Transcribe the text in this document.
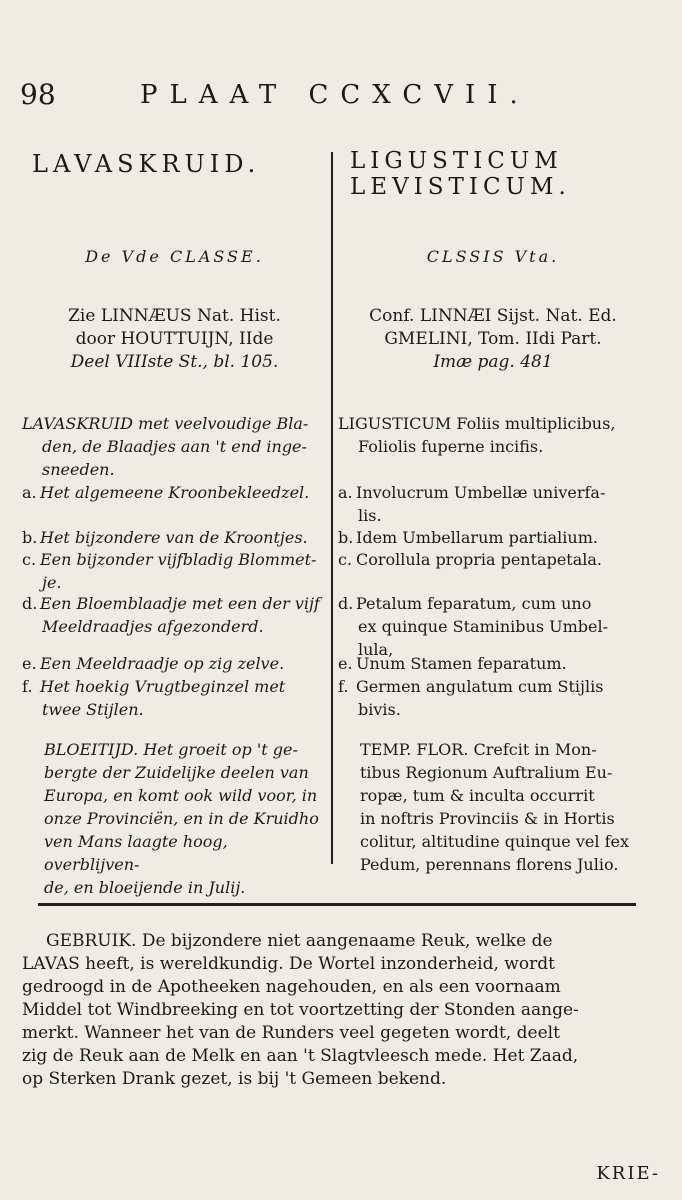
98	PLAAT CCXCVII.
LAVASKRUID.	LIGUSTICUM
LEVISTICUM.
De Vde CLASSE.
Zie LINNÆUS Nat. Hist.
door HOUTTUIJN, IIde
Deel VIIIste St., bl. 105.
LAVASKRUID met veelvoudige Bla-
den, de Blaadjes aan 't end inge-
sneeden.
a. Het algemeene Kroonbekleedzel.
b. Het bijzondere van de Kroontjes.
c. Een bijzonder vijfbladig Blommet-
je.
d. Een Bloemblaadje met een der vijf
Meeldraadjes afgezonderd.
e. Een Meeldraadje op zig zelve.
f. Het hoekig Vrugtbeginzel met
twee Stijlen.
BLOEITIJD. Het groeit op 't ge-
bergte der Zuidelijke deelen van
Europa, en komt ook wild voor, in
onze Provinciën, en in de Kruidho
ven Mans laagte hoog, overblijven-
de, en bloeijende in Julij.
CLSSIS Vta.
Conf. LINNÆI Sijst. Nat. Ed.
GMELINI, Tom. IIdi Part.
Imæ pag. 481
LIGUSTICUM Foliis multiplicibus,
Foliolis fuperne incifis.
a. Involucrum Umbellæ univerfa-
lis.
b. Idem Umbellarum partialium.
c. Corollula propria pentapetala.
d. Petalum feparatum, cum uno
ex quinque Staminibus Umbel-
lula,
e. Unum Stamen feparatum.
f. Germen angulatum cum Stijlis
bivis.
TEMP. FLOR. Crefcit in Mon-
tibus Regionum Auftralium Eu-
ropæ, tum & inculta occurrit
in noftris Provinciis & in Hortis
colitur, altitudine quinque vel fex
Pedum, perennans florens Julio.
GEBRUIK. De bijzondere niet aangenaame Reuk, welke de
LAVAS heeft, is wereldkundig. De Wortel inzonderheid, wordt
gedroogd in de Apotheeken nagehouden, en als een voornaam
Middel tot Windbreeking en tot voortzetting der Stonden aange-
merkt. Wanneer het van de Runders veel gegeten wordt, deelt
zig de Reuk aan de Melk en aan 't Slagtvleesch mede. Het Zaad,
op Sterken Drank gezet, is bij 't Gemeen bekend.
KRIE-
